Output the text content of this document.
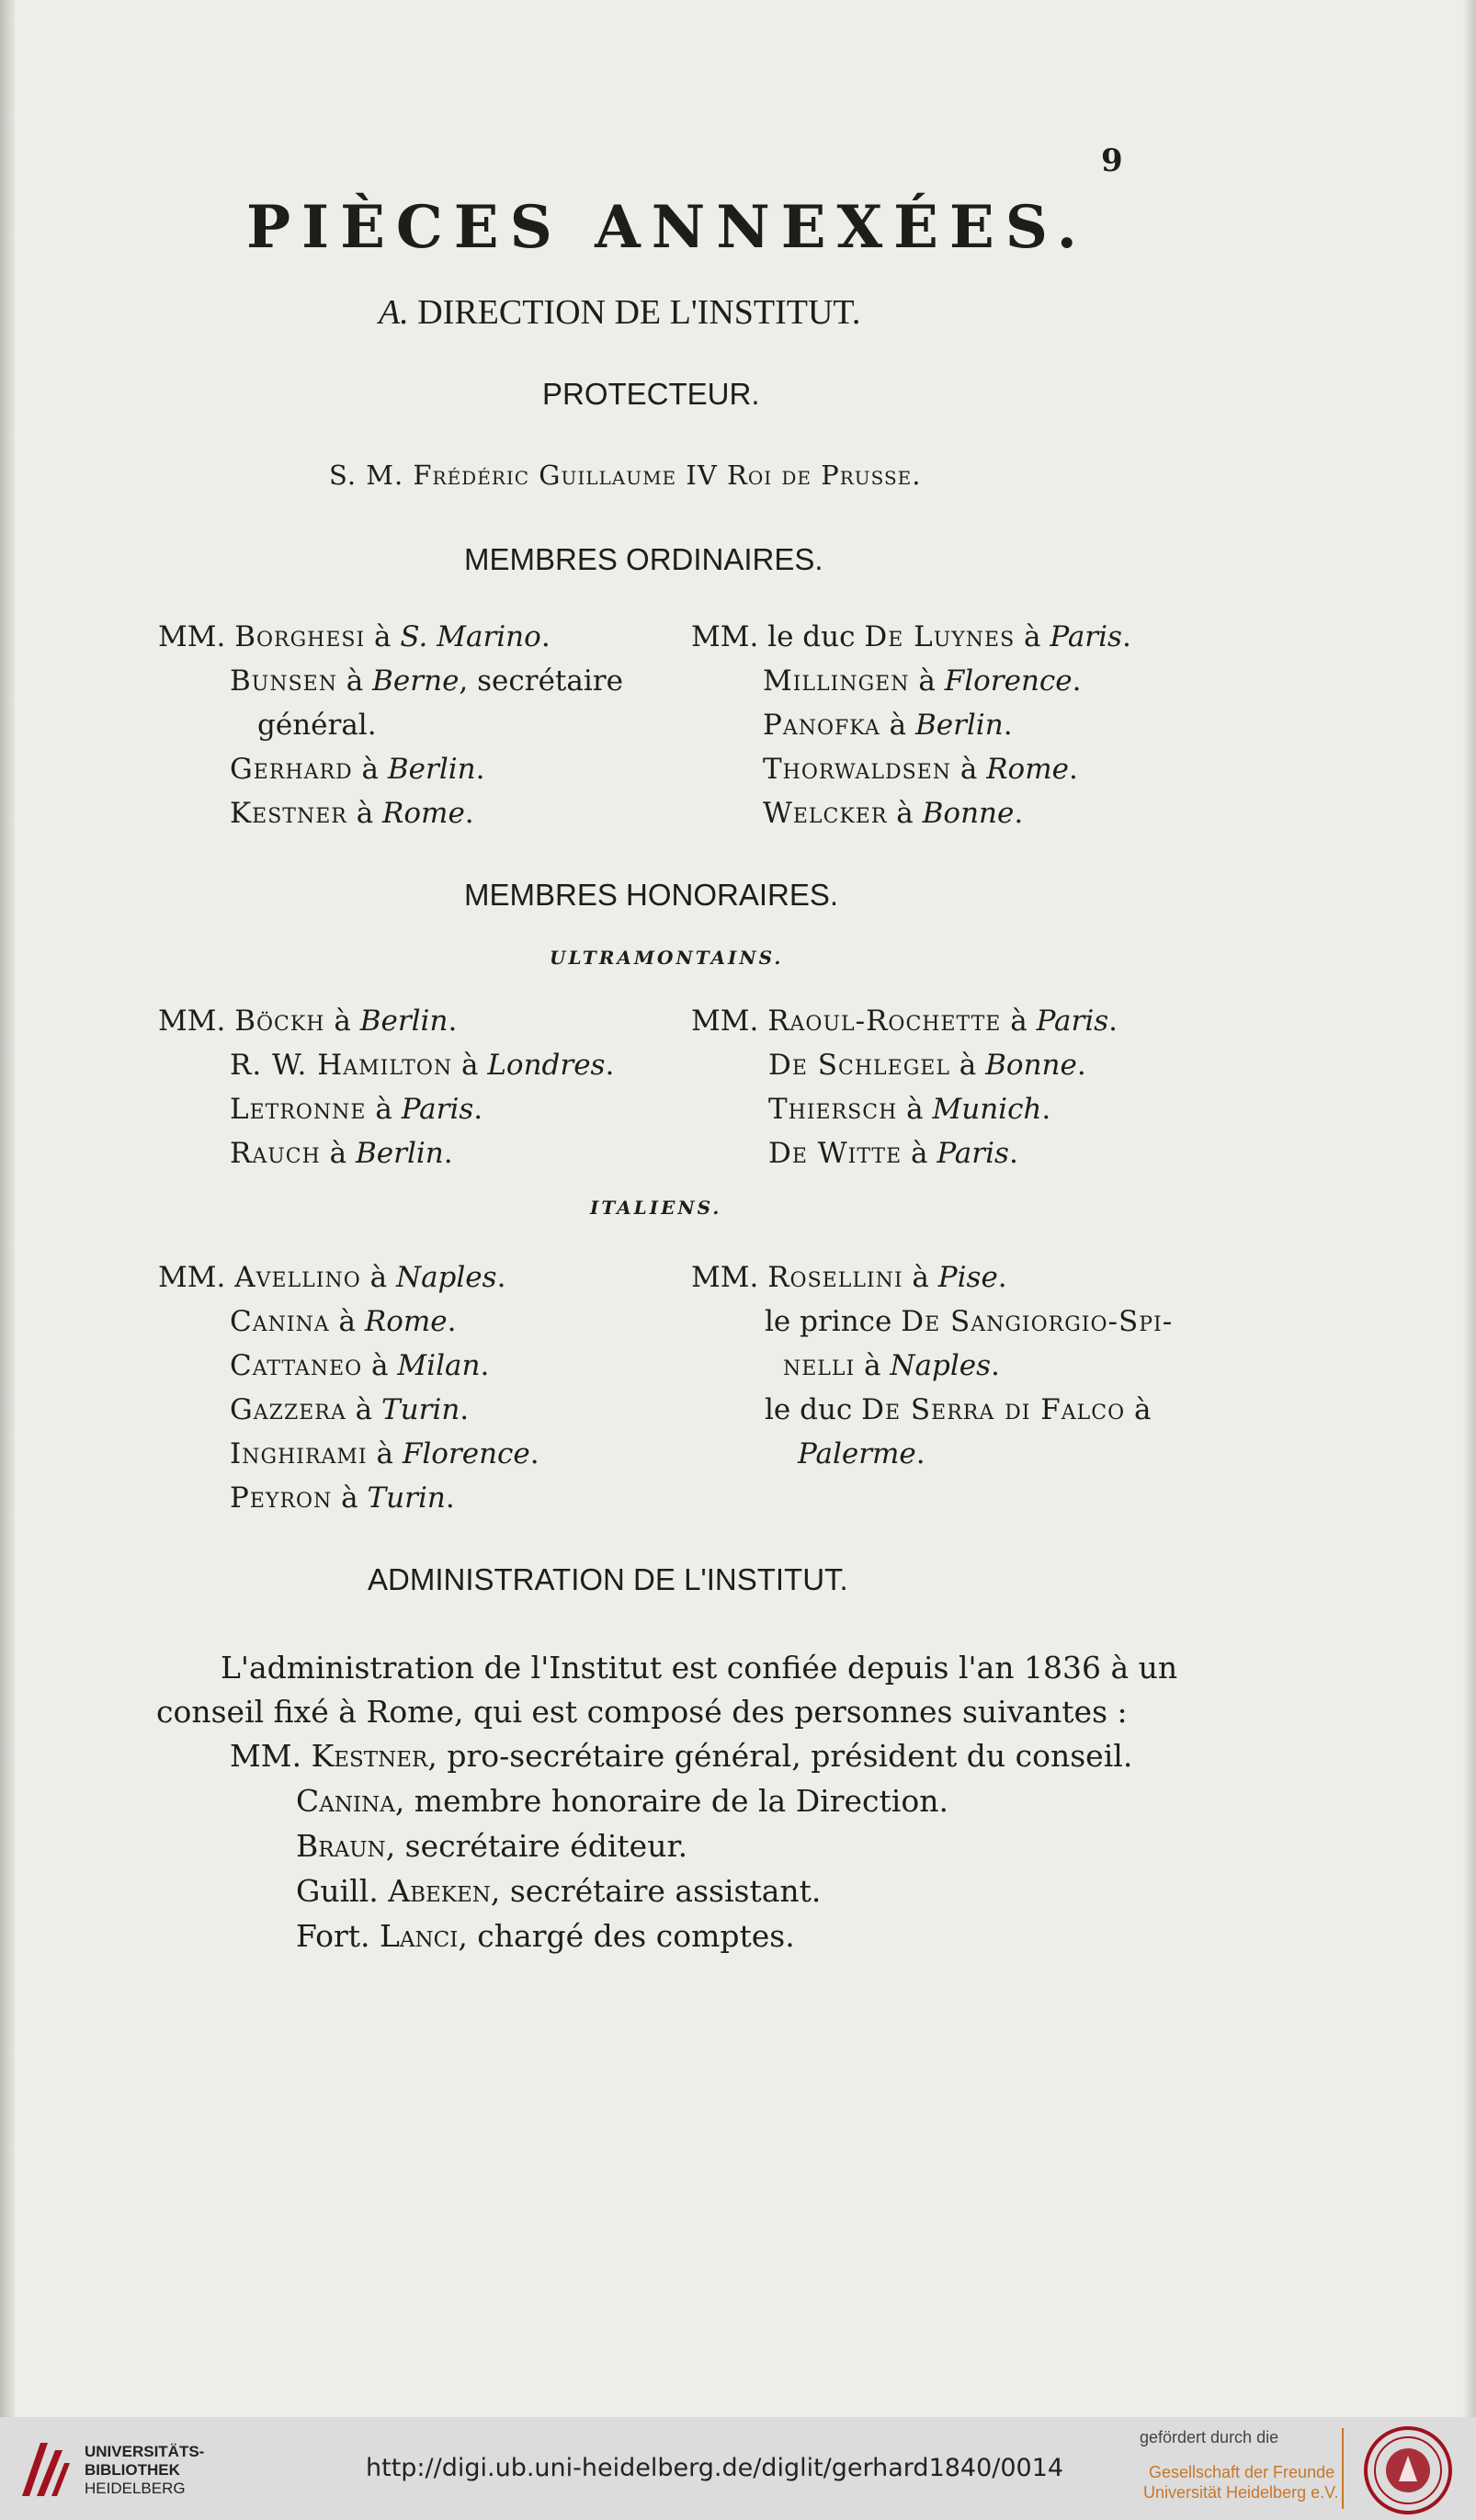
9
PIÈCES ANNEXÉES.
A. DIRECTION DE L'INSTITUT.
PROTECTEUR.
S. M. Frédéric Guillaume IV Roi de Prusse.
MEMBRES ORDINAIRES.
MM. Borghesi à S. Marino.
Bunsen à Berne, secrétaire
général.
Gerhard à Berlin.
Kestner à Rome.
MM. le duc De Luynes à Paris.
Millingen à Florence.
Panofka à Berlin.
Thorwaldsen à Rome.
Welcker à Bonne.
MEMBRES HONORAIRES.
ULTRAMONTAINS.
MM. Böckh à Berlin.
R. W. Hamilton à Londres.
Letronne à Paris.
Rauch à Berlin.
MM. Raoul-Rochette à Paris.
De Schlegel à Bonne.
Thiersch à Munich.
De Witte à Paris.
ITALIENS.
MM. Avellino à Naples.
Canina à Rome.
Cattaneo à Milan.
Gazzera à Turin.
Inghirami à Florence.
Peyron à Turin.
MM. Rosellini à Pise.
le prince De Sangiorgio-Spi-
nelli à Naples.
le duc De Serra di Falco à
Palerme.
ADMINISTRATION DE L'INSTITUT.
L'administration de l'Institut est confiée depuis l'an 1836 à un
conseil fixé à Rome, qui est composé des personnes suivantes :
MM. Kestner, pro-secrétaire général, président du conseil.
Canina, membre honoraire de la Direction.
Braun, secrétaire éditeur.
Guill. Abeken, secrétaire assistant.
Fort. Lanci, chargé des comptes.
UNIVERSITÄTS-
BIBLIOTHEK
HEIDELBERG
http://digi.ub.uni-heidelberg.de/diglit/gerhard1840/0014
gefördert durch die
Gesellschaft der Freunde
Universität Heidelberg e.V.
